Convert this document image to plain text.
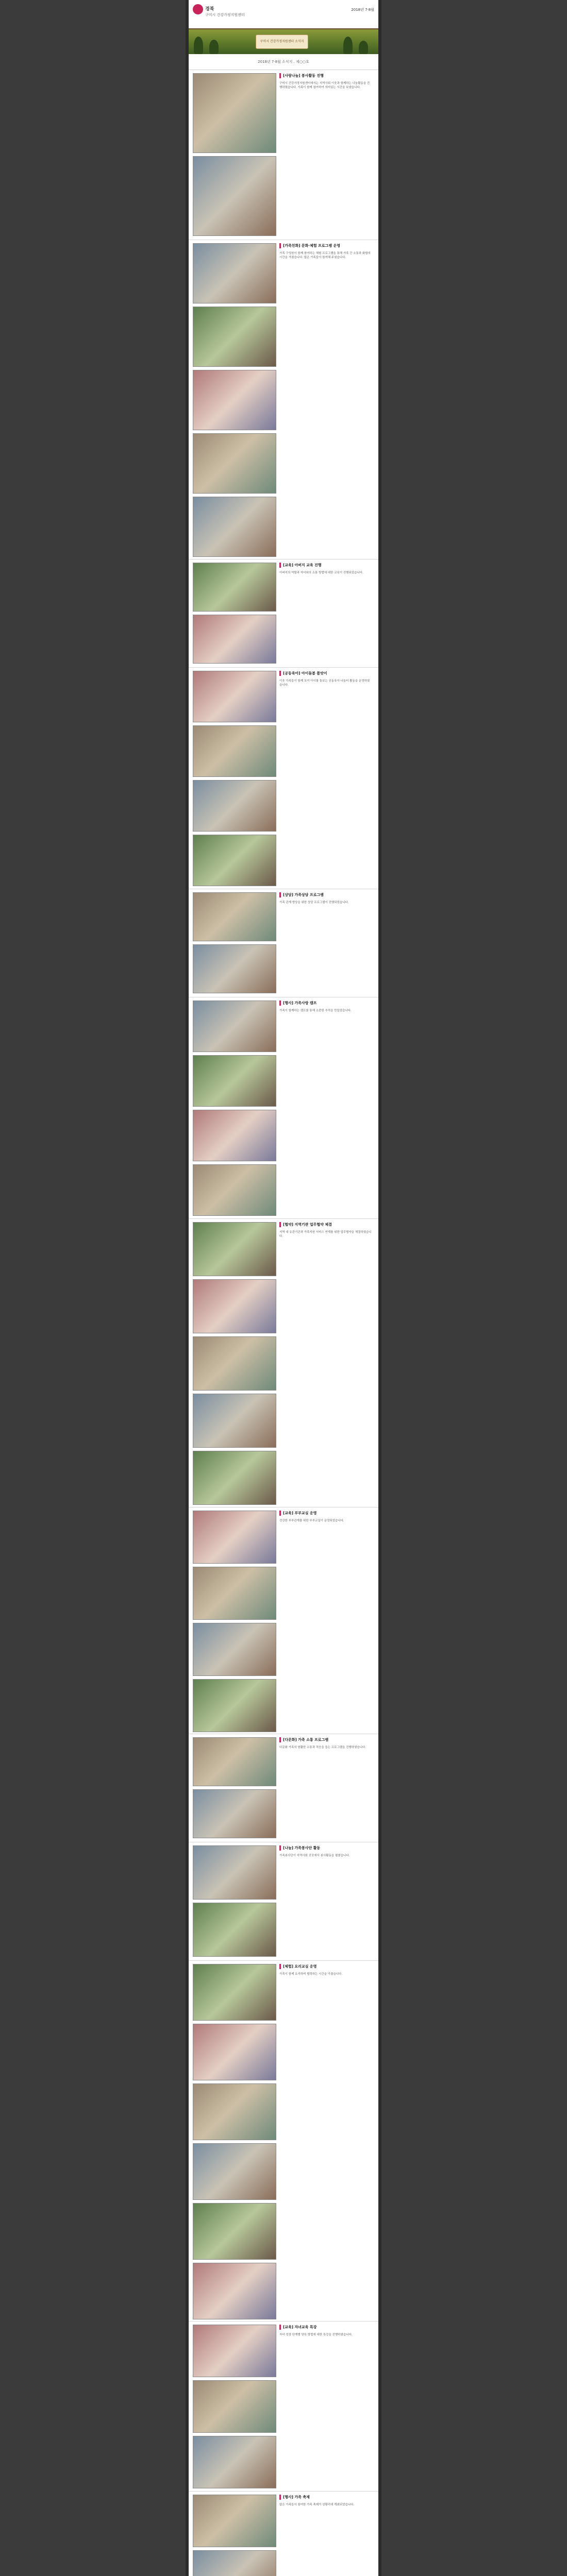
경북
구미시 건강가정지원센터
2018년 7·8월
구미시 건강가정지원센터 소식지
2018년 7·8월 소식지 ․ 제○○호
[사랑나눔] 봉사활동 진행
구미시 건강가정지원센터에서는 지역사회 이웃과 함께하는 나눔활동을 진행하였습니다. 가족이 함께 참여하여 의미있는 시간을 보냈습니다.
[가족친화] 문화·체험 프로그램 운영
가족 구성원이 함께 참여하는 체험 프로그램을 통해 가족 간 소통과 화합의 시간을 가졌습니다. 많은 가족들이 참여해 주셨습니다.
[교육] 아버지 교육 진행
아버지의 역할과 자녀와의 소통 방법에 대한 교육이 진행되었습니다.
[공동육아] 아이돌봄 품앗이
이웃 가족들이 함께 모여 아이를 돌보는 공동육아 나눔터 활동을 운영하였습니다.
[상담] 가족상담 프로그램
가족 관계 향상을 위한 상담 프로그램이 진행되었습니다.
[행사] 가족사랑 캠프
가족이 함께하는 캠프를 통해 소중한 추억을 만들었습니다.
[협약] 지역기관 업무협약 체결
지역 내 유관기관과 가족지원 서비스 연계를 위한 업무협약을 체결하였습니다.
[교육] 부부교실 운영
건강한 부부관계를 위한 부부교실이 운영되었습니다.
[다문화] 가족 소통 프로그램
다문화 가족의 원활한 소통과 적응을 돕는 프로그램을 진행하였습니다.
[나눔] 가족봉사단 활동
가족봉사단이 지역사회 곳곳에서 봉사활동을 펼쳤습니다.
[체험] 요리교실 운영
가족이 함께 요리하며 협력하는 시간을 가졌습니다.
[교육] 자녀교육 특강
자녀 성장 단계별 양육 방법에 대한 특강을 진행하였습니다.
[행사] 가족 축제
많은 가족들이 참여한 가족 축제가 성황리에 개최되었습니다.
